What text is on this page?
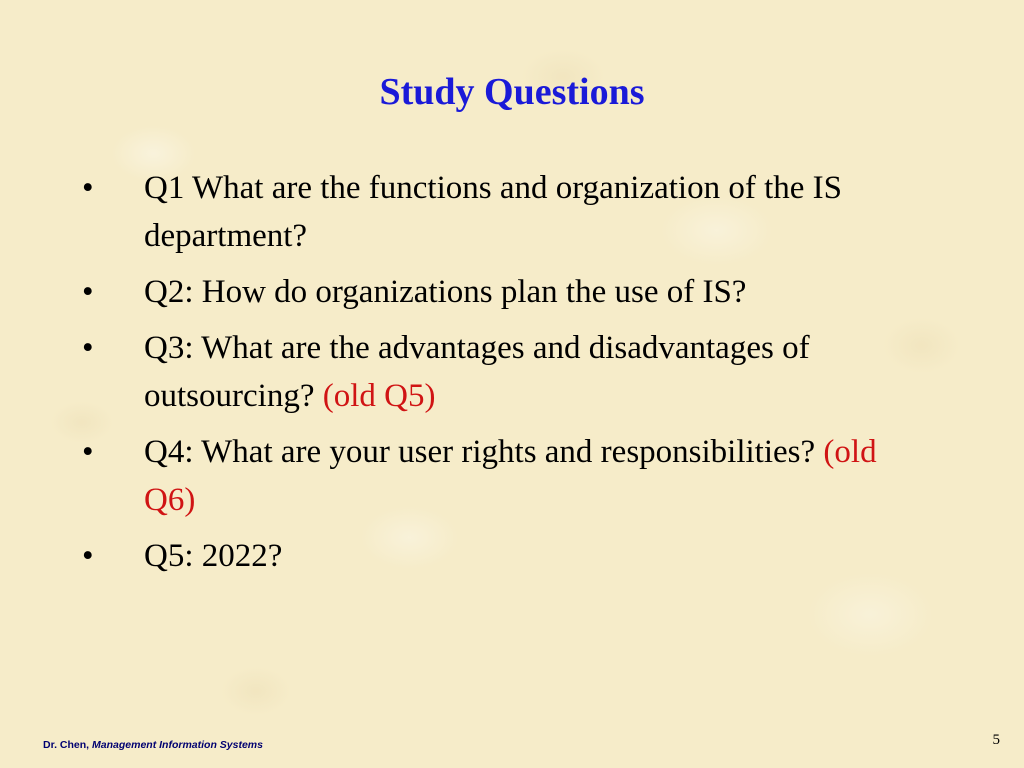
Study Questions
• Q1 What are the functions and organization of the IS department?
• Q2: How do organizations plan the use of IS?
• Q3: What are the advantages and disadvantages of outsourcing? (old Q5)
• Q4: What are your user rights and responsibilities? (old Q6)
• Q5: 2022?
Dr. Chen, Management Information Systems	5
